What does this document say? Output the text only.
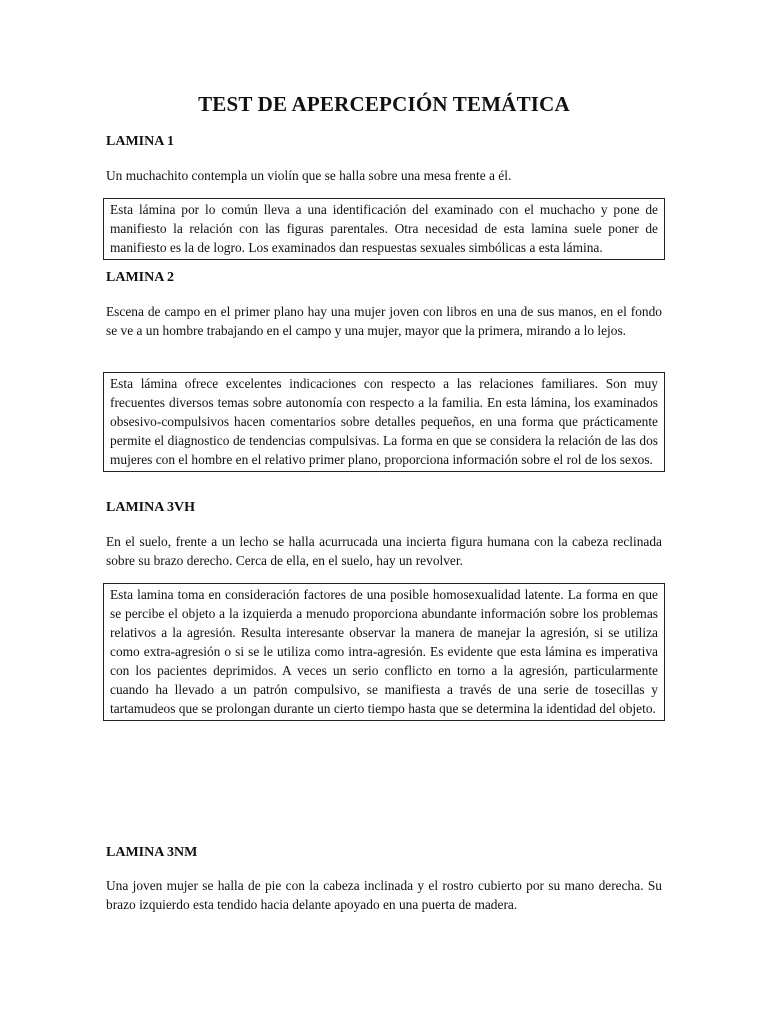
TEST DE APERCEPCIÓN TEMÁTICA
LAMINA 1

Un muchachito contempla un violín que se halla sobre una mesa frente a él.

Esta lámina por lo común lleva a una identificación del examinado con el muchacho y pone de manifiesto la relación con las figuras parentales. Otra necesidad de esta lamina suele poner de manifiesto es la de logro. Los examinados dan respuestas sexuales simbólicas a esta lámina.
LAMINA 2

Escena de campo en el primer plano hay una mujer joven con libros en una de sus manos, en el fondo se ve a un hombre trabajando en el campo y una mujer, mayor que la primera, mirando a lo lejos.

Esta lámina ofrece excelentes indicaciones con respecto a las relaciones familiares. Son muy frecuentes diversos temas sobre autonomía con respecto a la familia. En esta lámina, los examinados obsesivo-compulsivos hacen comentarios sobre detalles pequeños, en una forma que prácticamente permite el diagnostico de tendencias compulsivas. La forma en que se considera la relación de las dos mujeres con el hombre en el relativo primer plano, proporciona información sobre el rol de los sexos.
LAMINA 3VH

En el suelo, frente a un lecho se halla acurrucada una incierta figura humana con la cabeza reclinada sobre su brazo derecho. Cerca de ella, en el suelo, hay un revolver.

Esta lamina toma en consideración factores de una posible homosexualidad latente. La forma en que se percibe el objeto a la izquierda a menudo proporciona abundante información sobre los problemas relativos a la agresión. Resulta interesante observar la manera de manejar la agresión, si se utiliza como extra-agresión o si se le utiliza como intra-agresión. Es evidente que esta lámina es imperativa con los pacientes deprimidos. A veces un serio conflicto en torno a la agresión, particularmente cuando ha llevado a un patrón compulsivo, se manifiesta a través de una serie de tosecillas y tartamudeos que se prolongan durante un cierto tiempo hasta que se determina la identidad del objeto.
LAMINA 3NM

Una joven mujer se halla de pie con la cabeza inclinada y el rostro cubierto por su mano derecha. Su brazo izquierdo esta tendido hacia delante apoyado en una puerta de madera.
